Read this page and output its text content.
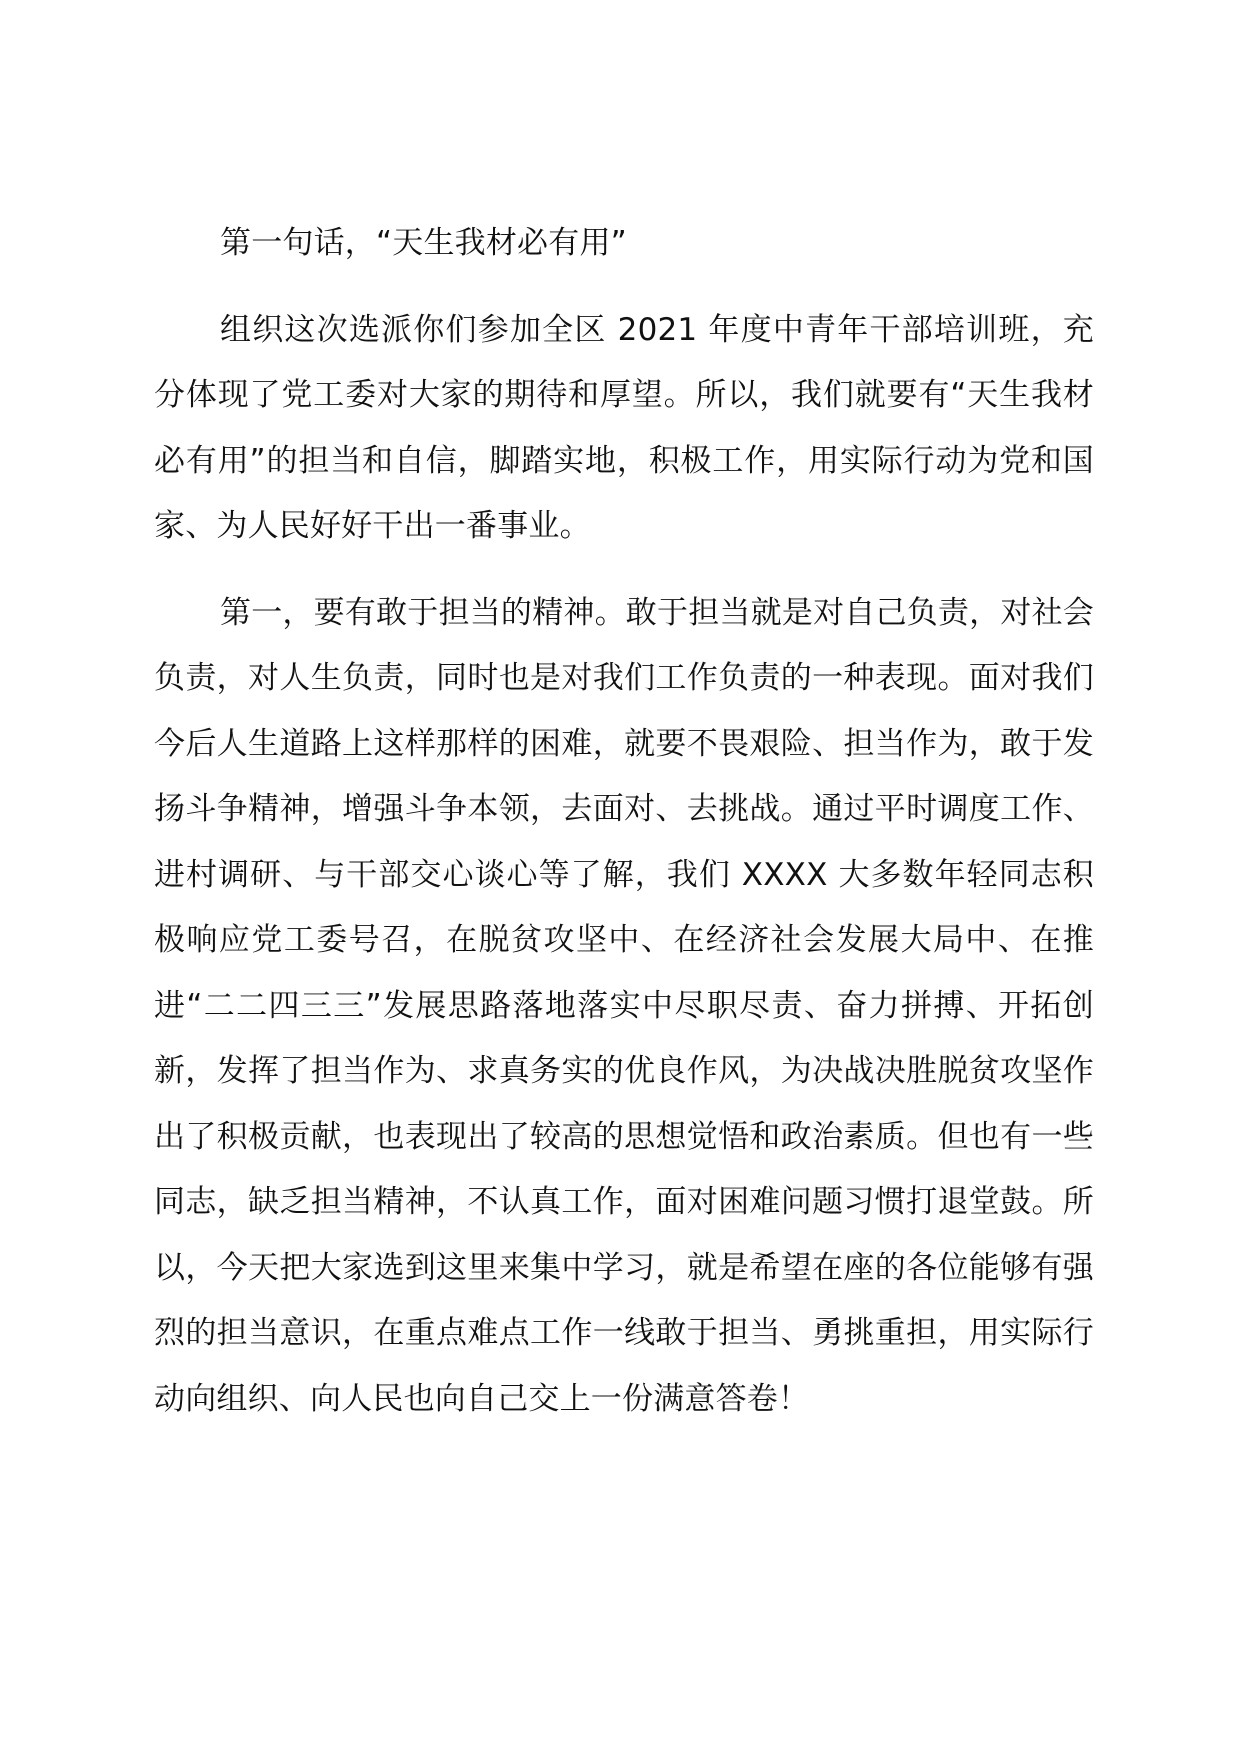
第一句话，“天生我材必有用”

组织这次选派你们参加全区 2021 年度中青年干部培训班，充分体现了党工委对大家的期待和厚望。所以，我们就要有“天生我材必有用”的担当和自信，脚踏实地，积极工作，用实际行动为党和国家、为人民好好干出一番事业。

第一，要有敢于担当的精神。敢于担当就是对自己负责，对社会负责，对人生负责，同时也是对我们工作负责的一种表现。面对我们今后人生道路上这样那样的困难，就要不畏艰险、担当作为，敢于发扬斗争精神，增强斗争本领，去面对、去挑战。通过平时调度工作、进村调研、与干部交心谈心等了解，我们 XXXX 大多数年轻同志积极响应党工委号召，在脱贫攻坚中、在经济社会发展大局中、在推进“二二四三三”发展思路落地落实中尽职尽责、奋力拼搏、开拓创新，发挥了担当作为、求真务实的优良作风，为决战决胜脱贫攻坚作出了积极贡献，也表现出了较高的思想觉悟和政治素质。但也有一些同志，缺乏担当精神，不认真工作，面对困难问题习惯打退堂鼓。所以，今天把大家选到这里来集中学习，就是希望在座的各位能够有强烈的担当意识，在重点难点工作一线敢于担当、勇挑重担，用实际行动向组织、向人民也向自己交上一份满意答卷！
